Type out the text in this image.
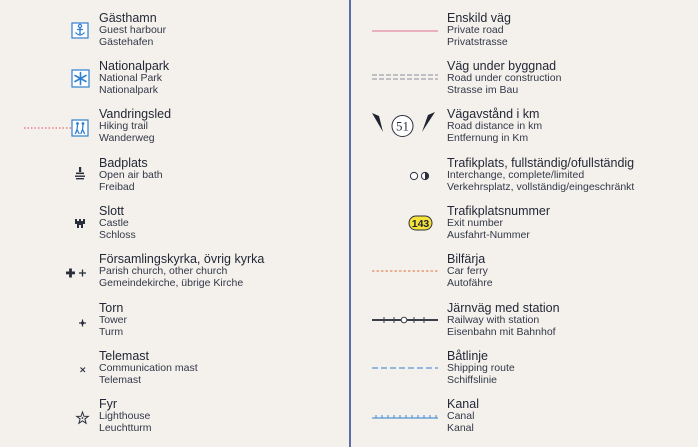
Gästhamn
Guest harbour
Gästehafen
Nationalpark
National Park
Nationalpark
Vandringsled
Hiking trail
Wanderweg
Badplats
Open air bath
Freibad
Slott
Castle
Schloss
Församlingskyrka, övrig kyrka
Parish church, other church
Gemeindekirche, übrige Kirche
Torn
Tower
Turm
Telemast
Communication mast
Telemast
Fyr
Lighthouse
Leuchtturm
Enskild väg
Private road
Privatstrasse
Väg under byggnad
Road under construction
Strasse im Bau
51
Vägavstånd i km
Road distance in km
Entfernung in Km
Trafikplats, fullständig/ofullständig
Interchange, complete/limited
Verkehrsplatz, vollständig/eingeschränkt
143
Trafikplatsnummer
Exit number
Ausfahrt-Nummer
Bilfärja
Car ferry
Autofähre
Järnväg med station
Railway with station
Eisenbahn mit Bahnhof
Båtlinje
Shipping route
Schiffslinie
Kanal
Canal
Kanal
